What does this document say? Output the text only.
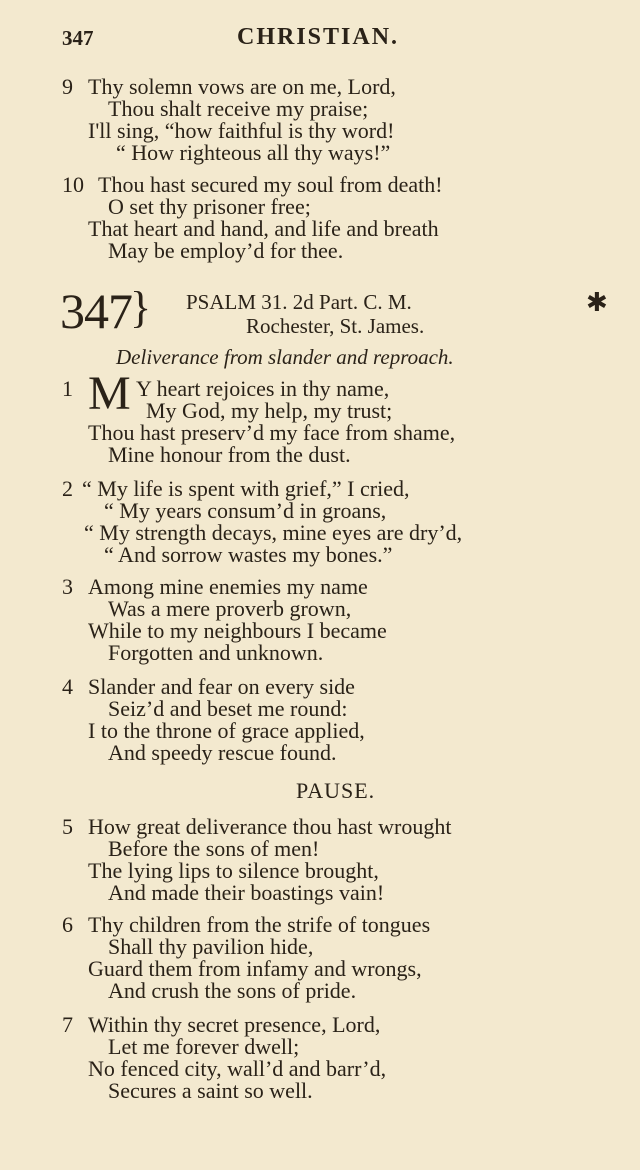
347	CHRISTIAN.
9 Thy solemn vows are on me, Lord,
Thou shalt receive my praise;
I'll sing, “how faithful is thy word!
“ How righteous all thy ways!”
10 Thou hast secured my soul from death!
O set thy prisoner free;
That heart and hand, and life and breath
May be employ’d for thee.
347
} PSALM 31. 2d Part. C. M.
Rochester, St. James.
✱
Deliverance from slander and reproach.
1 M Y heart rejoices in thy name,
My God, my help, my trust;
Thou hast preserv’d my face from shame,
Mine honour from the dust.
2 “ My life is spent with grief,” I cried,
“ My years consum’d in groans,
“ My strength decays, mine eyes are dry’d,
“ And sorrow wastes my bones.”
3 Among mine enemies my name
Was a mere proverb grown,
While to my neighbours I became
Forgotten and unknown.
4 Slander and fear on every side
Seiz’d and beset me round:
I to the throne of grace applied,
And speedy rescue found.
PAUSE.
5 How great deliverance thou hast wrought
Before the sons of men!
The lying lips to silence brought,
And made their boastings vain!
6 Thy children from the strife of tongues
Shall thy pavilion hide,
Guard them from infamy and wrongs,
And crush the sons of pride.
7 Within thy secret presence, Lord,
Let me forever dwell;
No fenced city, wall’d and barr’d,
Secures a saint so well.
